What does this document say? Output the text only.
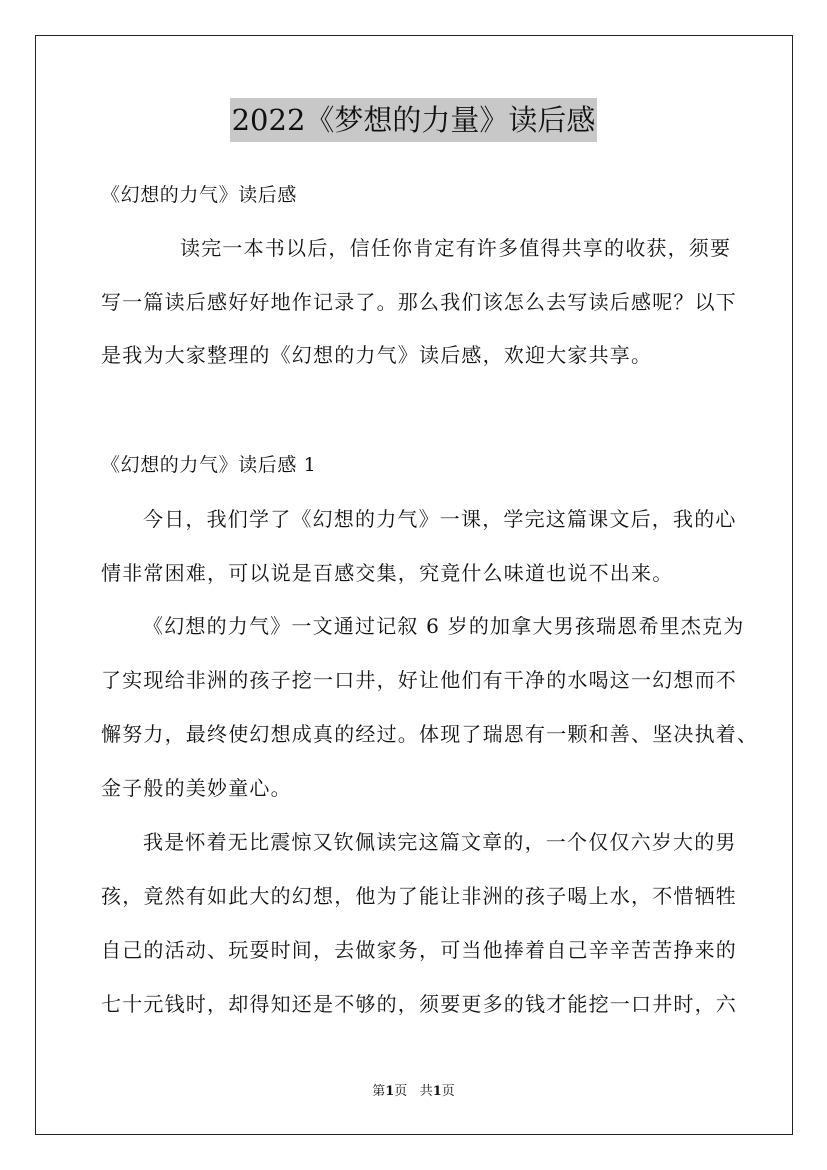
2022《梦想的力量》读后感
《幻想的力气》读后感
读完一本书以后，信任你肯定有许多值得共享的收获，须要
写一篇读后感好好地作记录了。那么我们该怎么去写读后感呢？以下
是我为大家整理的《幻想的力气》读后感，欢迎大家共享。
《幻想的力气》读后感 1
今日，我们学了《幻想的力气》一课，学完这篇课文后，我的心
情非常困难，可以说是百感交集，究竟什么味道也说不出来。
《幻想的力气》一文通过记叙 6 岁的加拿大男孩瑞恩希里杰克为
了实现给非洲的孩子挖一口井，好让他们有干净的水喝这一幻想而不
懈努力，最终使幻想成真的经过。体现了瑞恩有一颗和善、坚决执着、
金子般的美妙童心。
我是怀着无比震惊又钦佩读完这篇文章的，一个仅仅六岁大的男
孩，竟然有如此大的幻想，他为了能让非洲的孩子喝上水，不惜牺牲
自己的活动、玩耍时间，去做家务，可当他捧着自己辛辛苦苦挣来的
七十元钱时，却得知还是不够的，须要更多的钱才能挖一口井时，六
第1页   共1页
